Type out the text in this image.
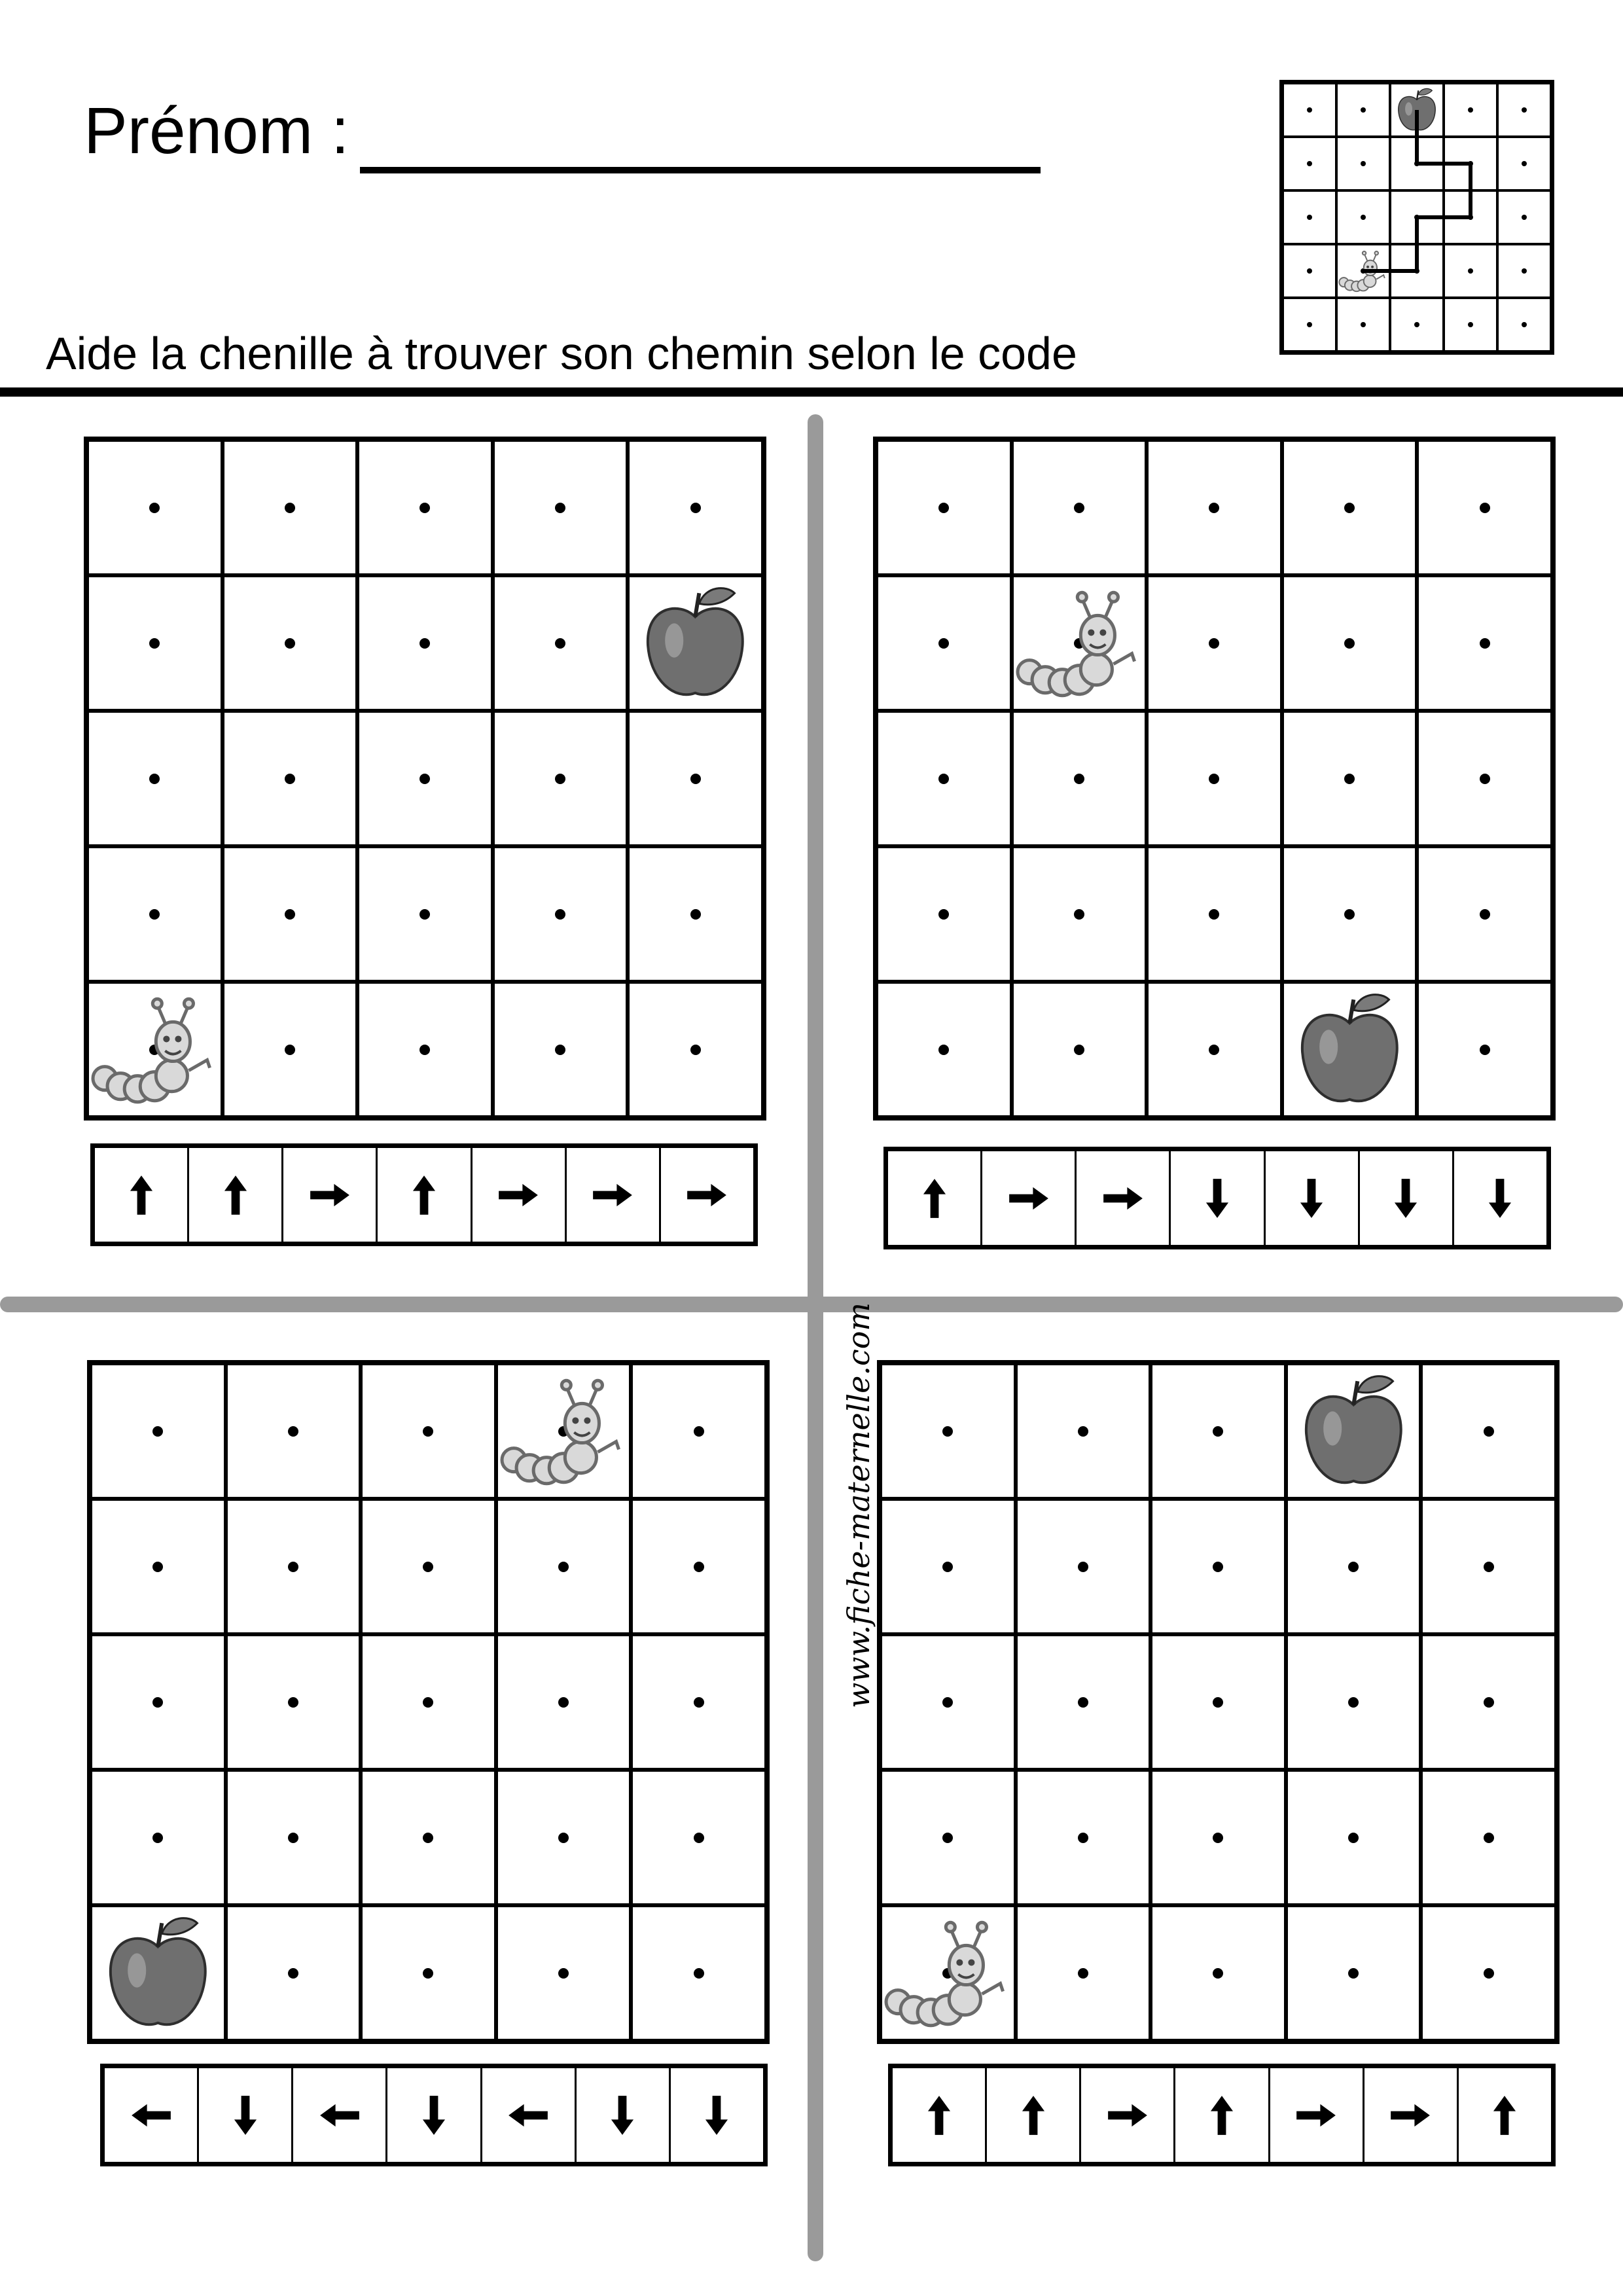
Prénom :
Aide la chenille à trouver son chemin selon le code
www.fiche-maternelle.com
